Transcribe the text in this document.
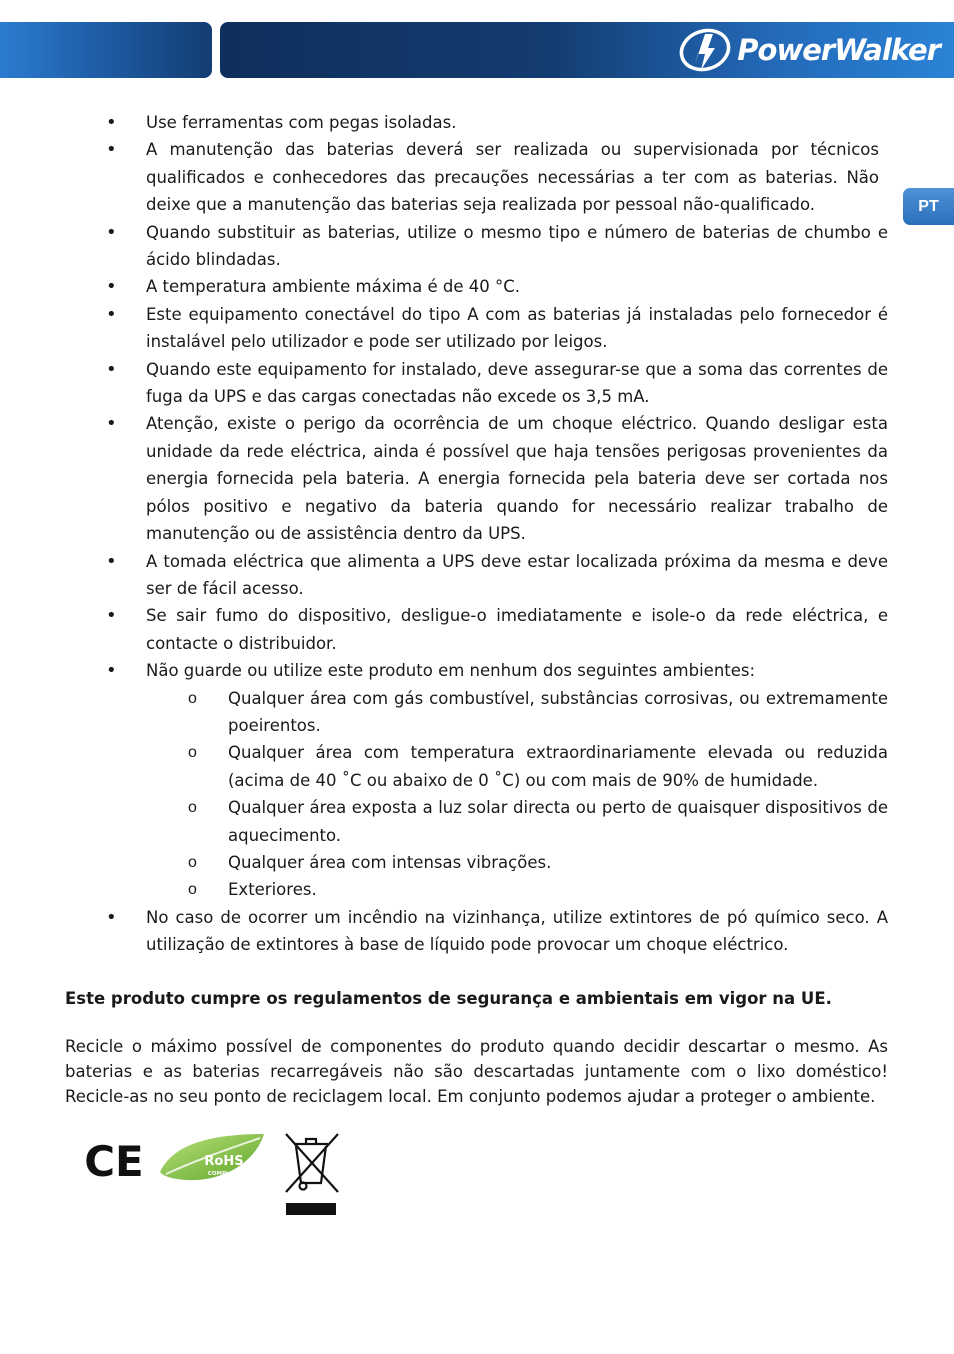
PowerWalker
PT
• Use ferramentas com pegas isoladas.
• A manutenção das baterias deverá ser realizada ou supervisionada por técnicos qualificados e conhecedores das precauções necessárias a ter com as baterias. Não deixe que a manutenção das baterias seja realizada por pessoal não-qualificado.
• Quando substituir as baterias, utilize o mesmo tipo e número de baterias de chumbo e ácido blindadas.
• A temperatura ambiente máxima é de 40 °C.
• Este equipamento conectável do tipo A com as baterias já instaladas pelo fornecedor é instalável pelo utilizador e pode ser utilizado por leigos.
• Quando este equipamento for instalado, deve assegurar-se que a soma das correntes de fuga da UPS e das cargas conectadas não excede os 3,5 mA.
• Atenção, existe o perigo da ocorrência de um choque eléctrico. Quando desligar esta unidade da rede eléctrica, ainda é possível que haja tensões perigosas provenientes da energia fornecida pela bateria. A energia fornecida pela bateria deve ser cortada nos pólos positivo e negativo da bateria quando for necessário realizar trabalho de manutenção ou de assistência dentro da UPS.
• A tomada eléctrica que alimenta a UPS deve estar localizada próxima da mesma e deve ser de fácil acesso.
• Se sair fumo do dispositivo, desligue-o imediatamente e isole-o da rede eléctrica, e contacte o distribuidor.
• Não guarde ou utilize este produto em nenhum dos seguintes ambientes:
o Qualquer área com gás combustível, substâncias corrosivas, ou extremamente poeirentos.
o Qualquer área com temperatura extraordinariamente elevada ou reduzida (acima de 40 ˚C ou abaixo de 0 ˚C) ou com mais de 90% de humidade.
o Qualquer área exposta a luz solar directa ou perto de quaisquer dispositivos de aquecimento.
o Qualquer área com intensas vibrações.
o Exteriores.
• No caso de ocorrer um incêndio na vizinhança, utilize extintores de pó químico seco. A utilização de extintores à base de líquido pode provocar um choque eléctrico.

Este produto cumpre os regulamentos de segurança e ambientais em vigor na UE.

Recicle o máximo possível de componentes do produto quando decidir descartar o mesmo. As baterias e as baterias recarregáveis não são descartadas juntamente com o lixo doméstico! Recicle-as no seu ponto de reciclagem local. Em conjunto podemos ajudar a proteger o ambiente.

CE	RoHS
COMPLIANT
